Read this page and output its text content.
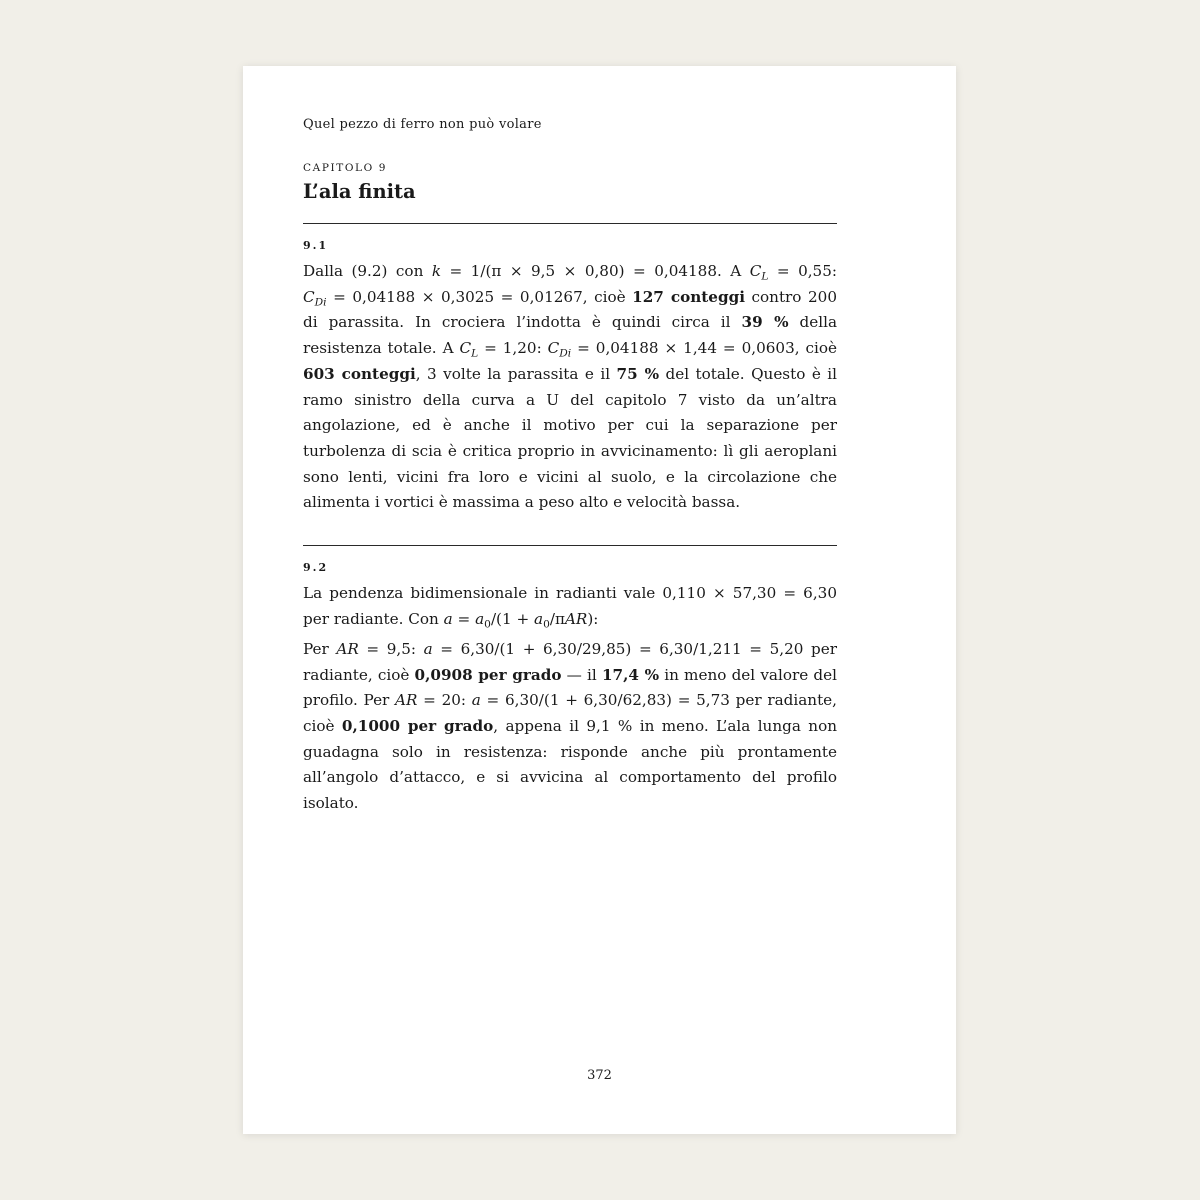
Quel pezzo di ferro non può volare
CAPITOLO 9
L’ala finita
9.1
Dalla (9.2) con k = 1/(π × 9,5 × 0,80) = 0,04188. A $C_L = 0,55$: $C_{Di} = 0,04188 \times 0,3025 = 0,01267$, cioè 127 conteggi contro 200 di parassita. In crociera l’indotta è quindi circa il 39 % della resistenza totale. A $C_L = 1,20$: $C_{Di} = 0,04188 \times 1,44 = 0,0603$, cioè 603 conteggi, 3 volte la parassita e il 75 % del totale. Questo è il ramo sinistro della curva a U del capitolo 7 visto da un’altra angolazione, ed è anche il motivo per cui la separazione per turbolenza di scia è critica proprio in avvicinamento: lì gli aeroplani sono lenti, vicini fra loro e vicini al suolo, e la circolazione che alimenta i vortici è massima a peso alto e velocità bassa.
9.2

La pendenza bidimensionale in radianti vale 0,110 × 57,30 = 6,30 per radiante. Con $a = a_0/(1 + a_0/\pi AR)$:

Per AR = 9,5: a = 6,30/(1 + 6,30/29,85) = 6,30/1,211 = 5,20 per radiante, cioè 0,0908 per grado — il 17,4 % in meno del valore del profilo. Per AR = 20: a = 6,30/(1 + 6,30/62,83) = 5,73 per radiante, cioè 0,1000 per grado, appena il 9,1 % in meno. L’ala lunga non guadagna solo in resistenza: risponde anche più prontamente all’angolo d’attacco, e si avvicina al comportamento del profilo isolato.

372
